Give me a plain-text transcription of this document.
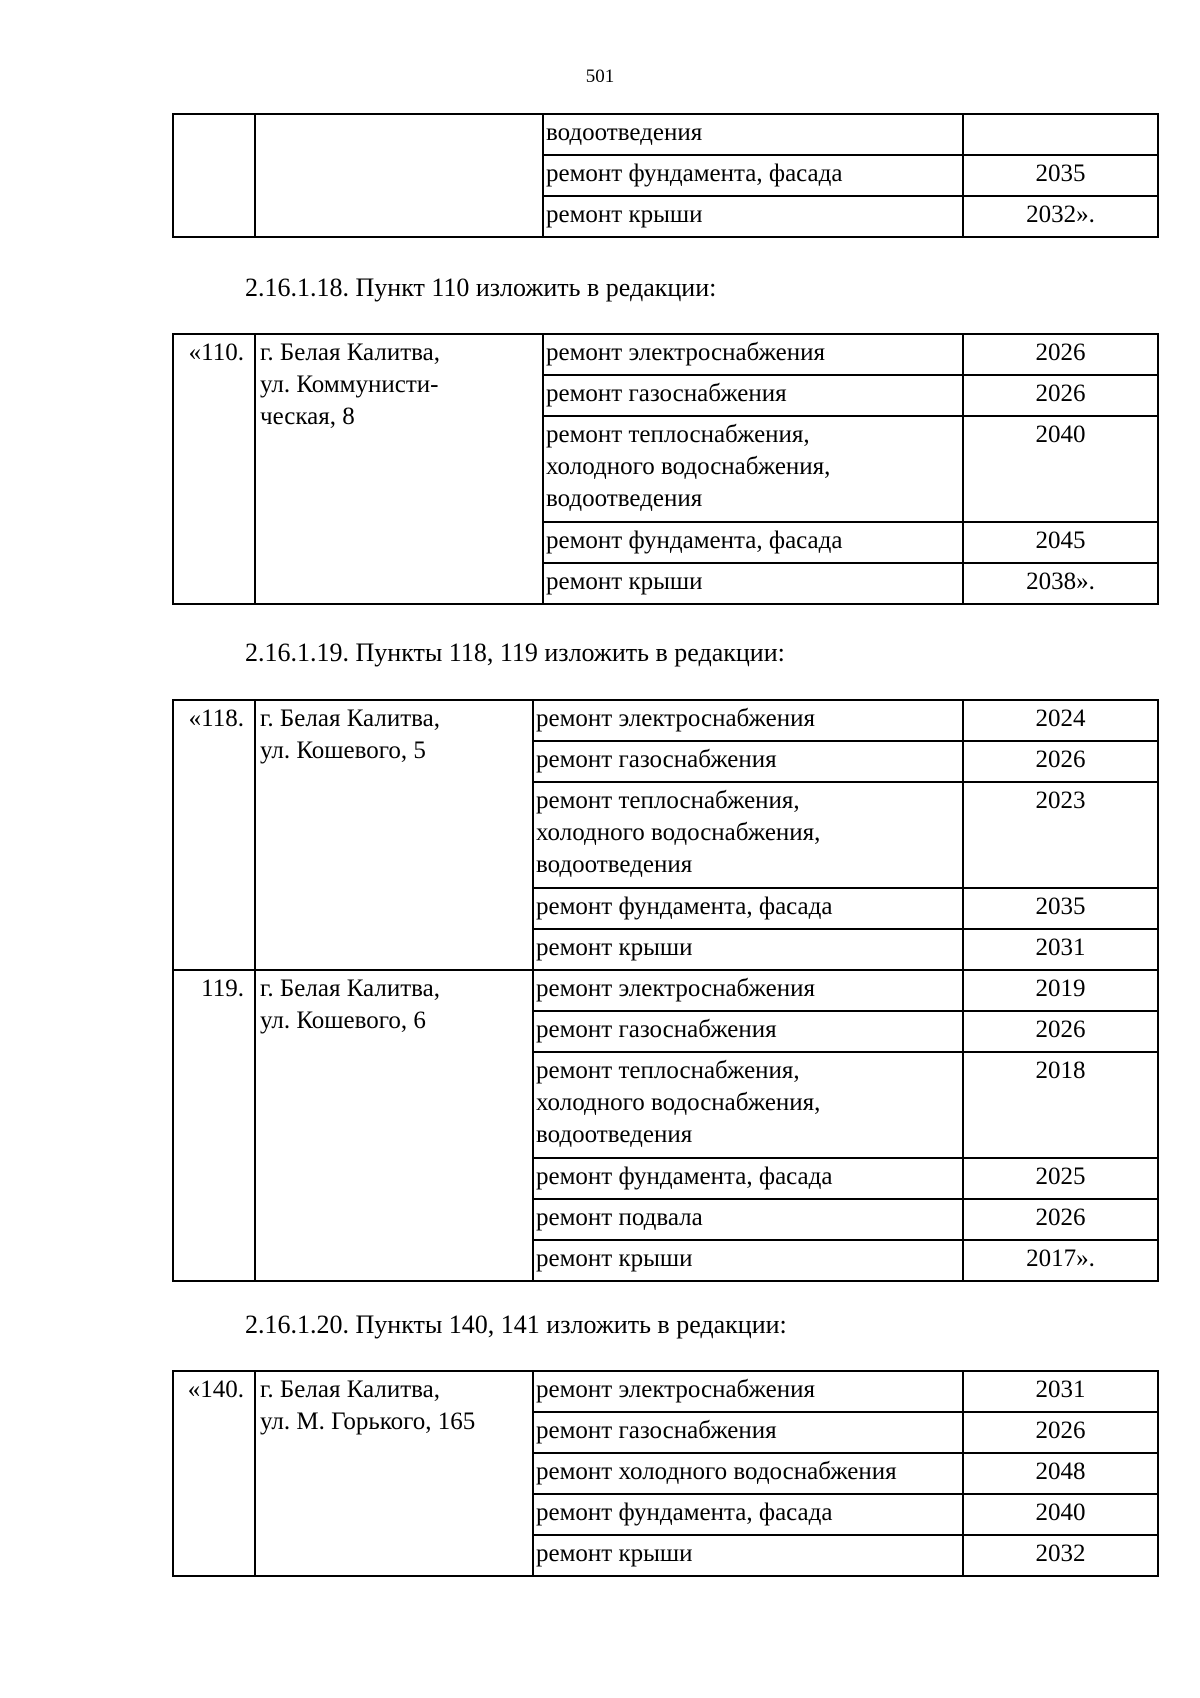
501

		водоотведения	

		ремонт фундамента, фасада	2035

		ремонт крыши	2032».
2.16.1.18. Пункт 110 изложить в редакции:
«110.	г. Белая Калитва,
ул. Коммунисти-
ческая, 8	ремонт электроснабжения	2026

		ремонт газоснабжения	2026

		ремонт теплоснабжения,
холодного водоснабжения,
водоотведения	2040

		ремонт фундамента, фасада	2045

		ремонт крыши	2038».
2.16.1.19. Пункты 118, 119 изложить в редакции:
«118.	г. Белая Калитва,
ул. Кошевого, 5	ремонт электроснабжения	2024

		ремонт газоснабжения	2026

		ремонт теплоснабжения,
холодного водоснабжения,
водоотведения	2023

		ремонт фундамента, фасада	2035

		ремонт крыши	2031
119.	г. Белая Калитва,
ул. Кошевого, 6	ремонт электроснабжения	2019

		ремонт газоснабжения	2026

		ремонт теплоснабжения,
холодного водоснабжения,
водоотведения	2018

		ремонт фундамента, фасада	2025

		ремонт подвала	2026

		ремонт крыши	2017».
2.16.1.20. Пункты 140, 141 изложить в редакции:
«140.	г. Белая Калитва,
ул. М. Горького, 165	ремонт электроснабжения	2031

		ремонт газоснабжения	2026

		ремонт холодного водоснабжения	2048

		ремонт фундамента, фасада	2040

		ремонт крыши	2032
